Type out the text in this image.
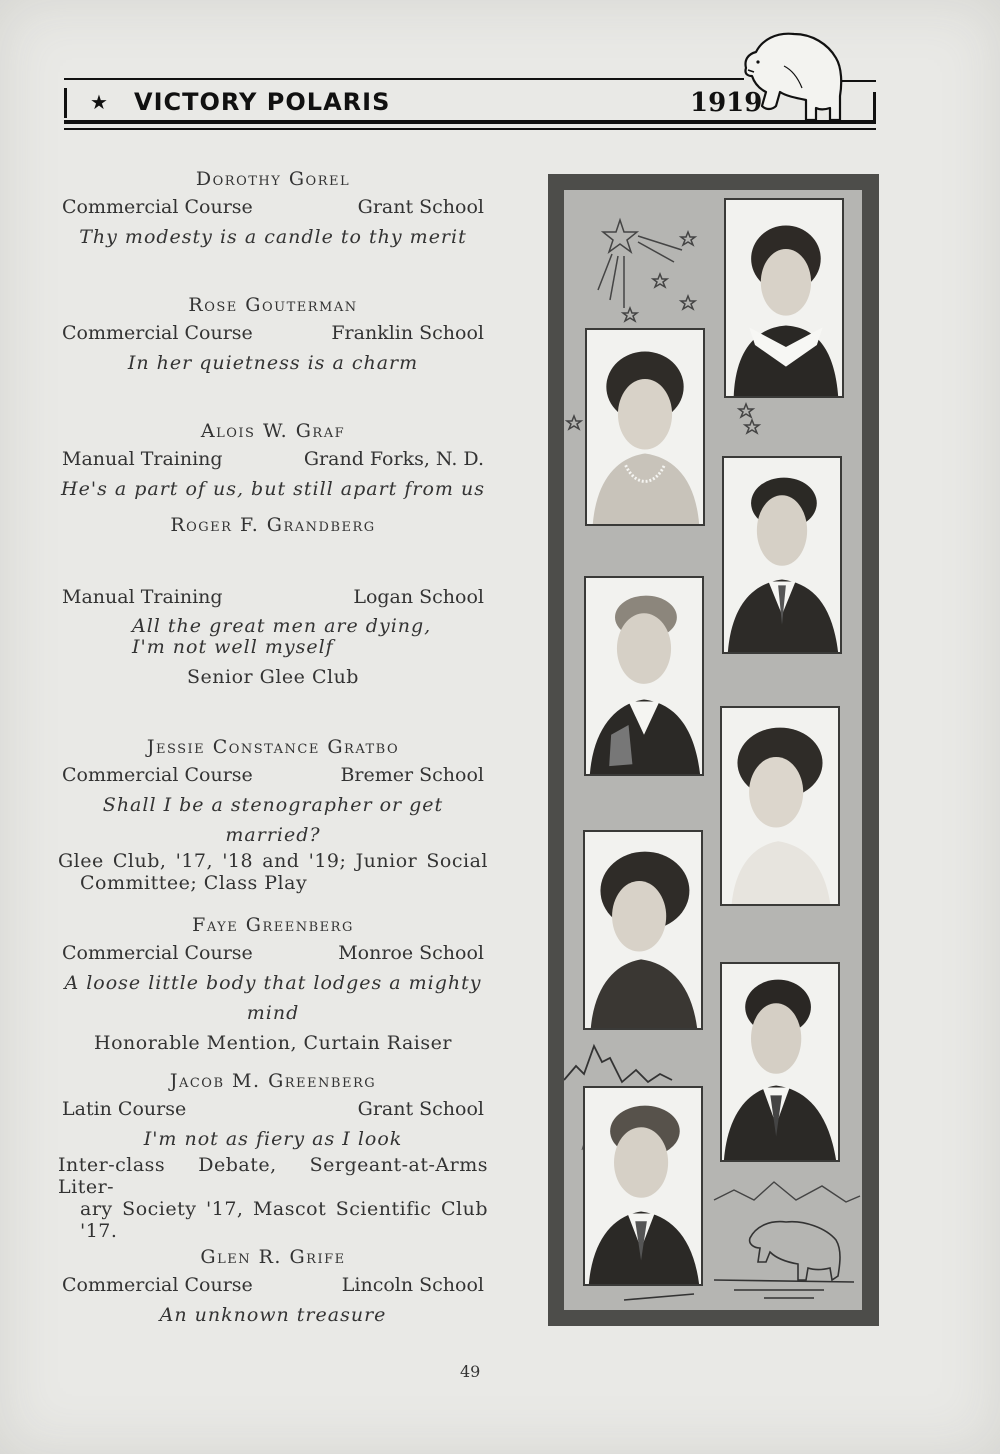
★ VICTORY POLARIS	1919
Dorothy Gorel
Commercial Course	Grant School
Thy modesty is a candle to thy merit
Rose Gouterman
Commercial Course	Franklin School
In her quietness is a charm
Alois W. Graf
Manual Training	Grand Forks, N. D.
He's a part of us, but still apart from us
Roger F. Grandberg
Manual Training	Logan School
All the great men are dying,
I'm not well myself
Senior Glee Club
Jessie Constance Gratbo
Commercial Course	Bremer School
Shall I be a stenographer or get married?
Glee Club, '17, '18 and '19; Junior Social
Committee; Class Play
Faye Greenberg
Commercial Course	Monroe School
A loose little body that lodges a mighty mind
Honorable Mention, Curtain Raiser
Jacob M. Greenberg
Latin Course	Grant School
I'm not as fiery as I look
Inter-class Debate, Sergeant-at-Arms Liter-
ary Society '17, Mascot Scientific Club '17.
Glen R. Grife
Commercial Course	Lincoln School
An unknown treasure
49
